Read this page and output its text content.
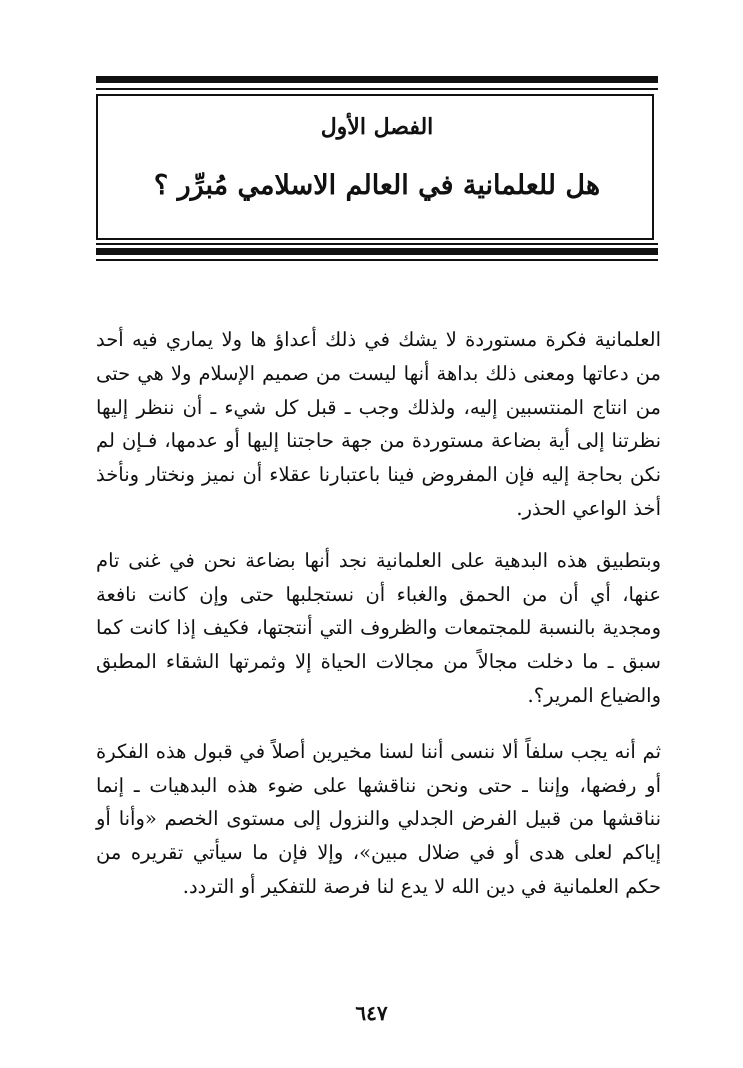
الفصل الأول
هل للعلمانية في العالم الاسلامي مُبرِّر ؟

العلمانية فكرة مستوردة لا يشك في ذلك أعداؤ ها ولا يماري فيه أحد من دعاتها ومعنى ذلك بداهة أنها ليست من صميم الإسلام ولا هي حتى من انتاج المنتسبين إليه، ولذلك وجب ـ قبل كل شيء ـ أن ننظر إليها نظرتنا إلى أية بضاعة مستوردة من جهة حاجتنا إليها أو عدمها، فـإن لم نكن بحاجة إليه فإن المفروض فينا باعتبارنا عقلاء أن نميز ونختار ونأخذ أخذ الواعي الحذر.

وبتطبيق هذه البدهية على العلمانية نجد أنها بضاعة نحن في غنى تام عنها، أي أن من الحمق والغباء أن نستجلبها حتى وإن كانت نافعة ومجدية بالنسبة للمجتمعات والظروف التي أنتجتها، فكيف إذا كانت كما سبق ـ ما دخلت مجالاً من مجالات الحياة إلا وثمرتها الشقاء المطبق والضياع المرير؟.

ثم أنه يجب سلفاً ألا ننسى أننا لسنا مخيرين أصلاً في قبول هذه الفكرة أو رفضها، وإننا ـ حتى ونحن نناقشها على ضوء هذه البدهيات ـ إنما نناقشها من قبيل الفرض الجدلي والنزول إلى مستوى الخصم «وأنا أو إياكم لعلى هدى أو في ضلال مبين»، وإلا فإن ما سيأتي تقريره من حكم العلمانية في دين الله لا يدع لنا فرصة للتفكير أو التردد.

٦٤٧
